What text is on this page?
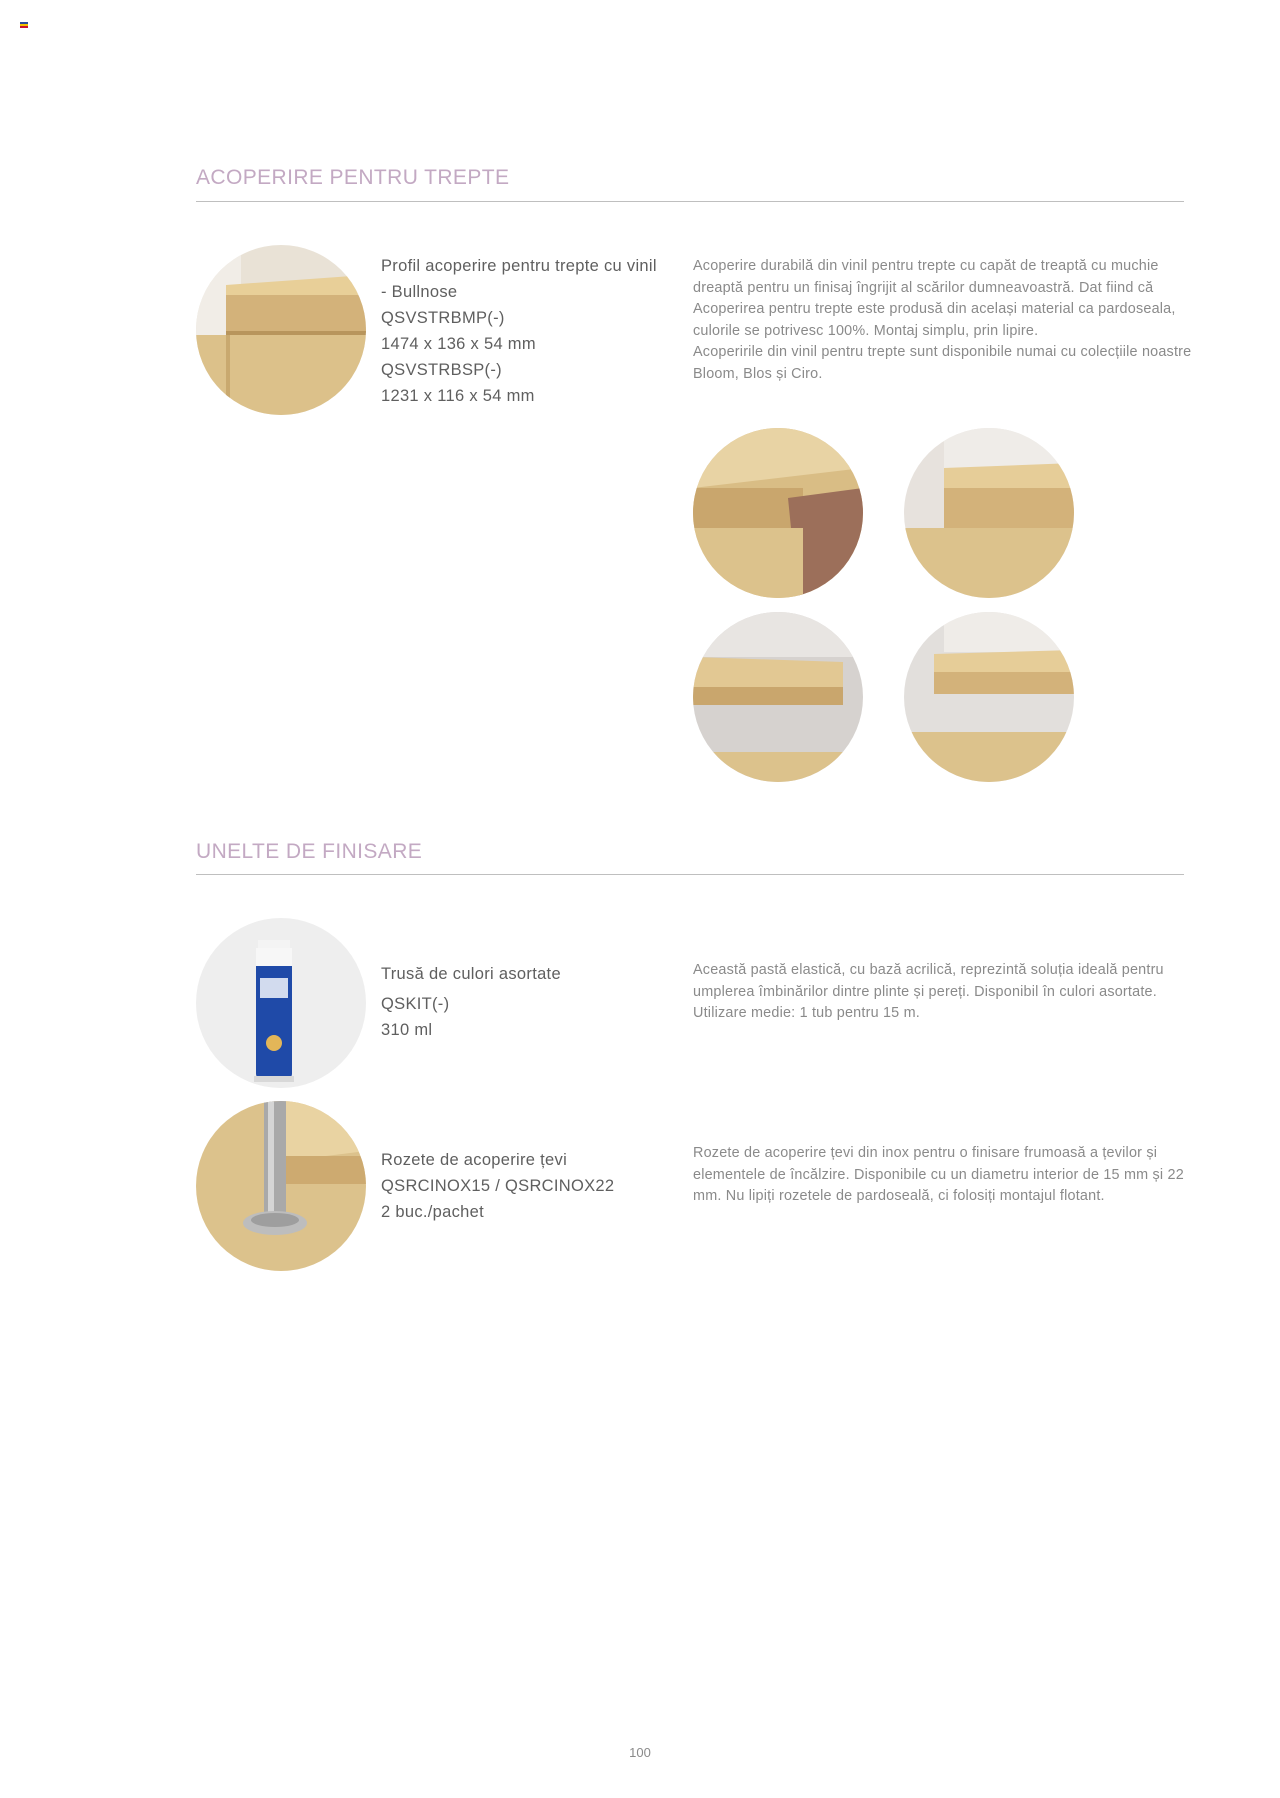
ACOPERIRE PENTRU TREPTE
Profil acoperire pentru trepte cu vinil
- Bullnose
QSVSTRBMP(-)
1474 x 136 x 54 mm
QSVSTRBSP(-)
1231 x 116 x 54 mm

Acoperire durabilă din vinil pentru trepte cu capăt de treaptă cu muchie dreaptă pentru un finisaj îngrijit al scărilor dumneavoastră. Dat fiind că Acoperirea pentru trepte este produsă din același material ca pardoseala, culorile se potrivesc 100%. Montaj simplu, prin lipire.

Acoperirile din vinil pentru trepte sunt disponibile numai cu colecțiile noastre Bloom, Blos și Ciro.

UNELTE DE FINISARE
Trusă de culori asortate
QSKIT(-)
310 ml

Această pastă elastică, cu bază acrilică, reprezintă soluția ideală pentru umplerea îmbinărilor dintre plinte și pereți. Disponibil în culori asortate.

Utilizare medie: 1 tub pentru 15 m.

Rozete de acoperire țevi
QSRCINOX15 / QSRCINOX22
2 buc./pachet

Rozete de acoperire țevi din inox pentru o finisare frumoasă a țevilor și elementele de încălzire. Disponibile cu un diametru interior de 15 mm și 22 mm. Nu lipiți rozetele de pardoseală, ci folosiți montajul flotant.

100
